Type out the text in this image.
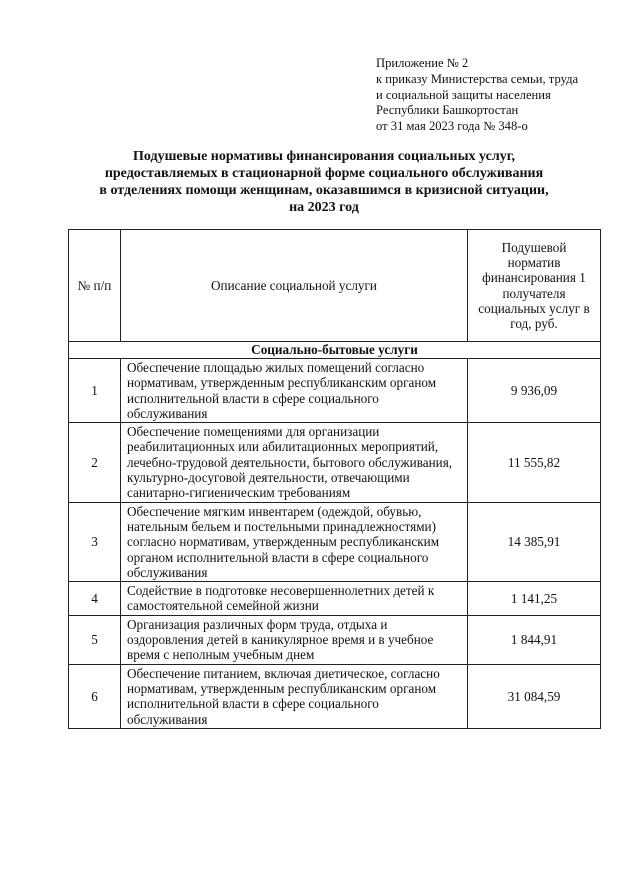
Приложение № 2
к приказу Министерства семьи, труда
и социальной защиты населения
Республики Башкортостан
от 31 мая 2023 года № 348-о
Подушевые нормативы финансирования социальных услуг,
предоставляемых в стационарной форме социального обслуживания
в отделениях помощи женщинам, оказавшимся в кризисной ситуации,
на 2023 год
№ п/п	Описание социальной услуги	Подушевой норматив финансирования 1 получателя социальных услуг в год, руб.
Социально-бытовые услуги		
1	Обеспечение площадью жилых помещений согласно нормативам, утвержденным республиканским органом исполнительной власти в сфере социального обслуживания	9 936,09
2	Обеспечение помещениями для организации реабилитационных или абилитационных мероприятий, лечебно-трудовой деятельности, бытового обслуживания, культурно-досуговой деятельности, отвечающими санитарно-гигиеническим требованиям	11 555,82
3	Обеспечение мягким инвентарем (одеждой, обувью, нательным бельем и постельными принадлежностями) согласно нормативам, утвержденным республиканским органом исполнительной власти в сфере социального обслуживания	14 385,91
4	Содействие в подготовке несовершеннолетних детей к самостоятельной семейной жизни	1 141,25
5	Организация различных форм труда, отдыха и оздоровления детей в каникулярное время и в учебное время с неполным учебным днем	1 844,91
6	Обеспечение питанием, включая диетическое, согласно нормативам, утвержденным республиканским органом исполнительной власти в сфере социального обслуживания	31 084,59
